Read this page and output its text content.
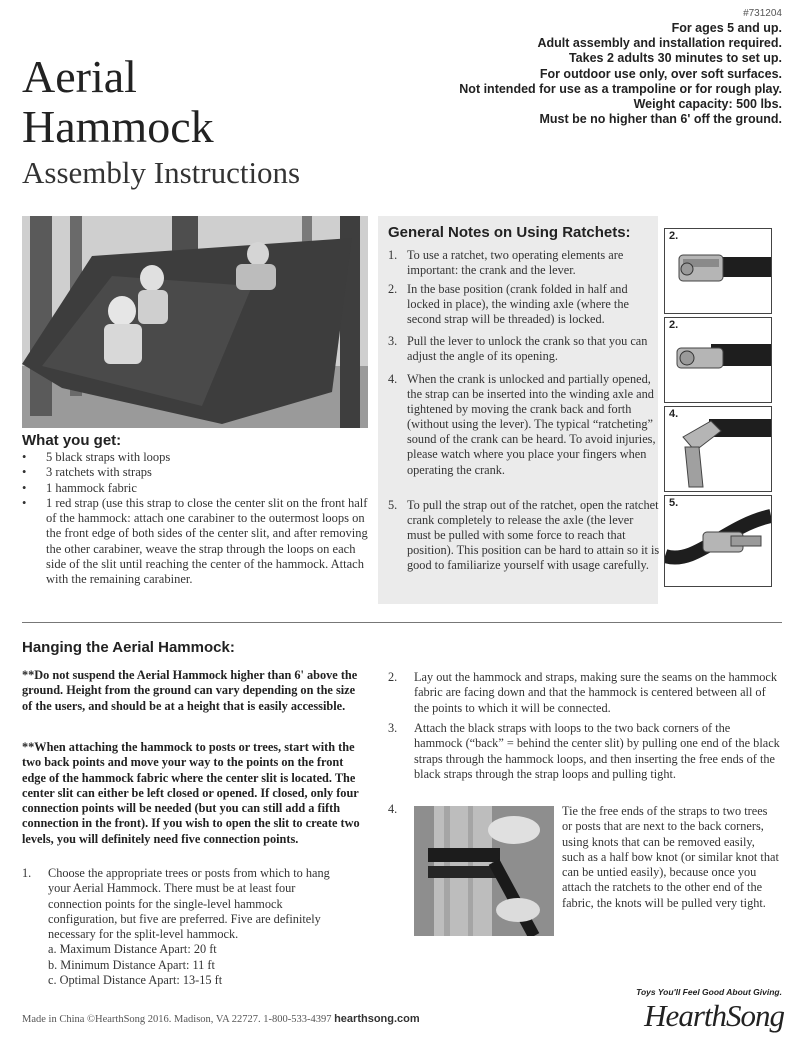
#731204
For ages 5 and up.
Adult assembly and installation required.
Takes 2 adults 30 minutes to set up.
For outdoor use only, over soft surfaces.
Not intended for use as a trampoline or for rough play.
Weight capacity: 500 lbs.
Must be no higher than 6' off the ground.
Aerial
Hammock
Assembly Instructions
What you get:
• 5 black straps with loops
• 3 ratchets with straps
• 1 hammock fabric
• 1 red strap (use this strap to close the center slit on the front half of the hammock: attach one carabiner to the outermost loops on the front edge of both sides of the center slit, and after removing the other carabiner, weave the strap through the loops on each side of the slit until reaching the center of the hammock. Attach with the remaining carabiner.
General Notes on Using Ratchets:
1. To use a ratchet, two operating elements are important: the crank and the lever.
2. In the base position (crank folded in half and locked in place), the winding axle (where the second strap will be threaded) is locked.
3. Pull the lever to unlock the crank so that you can adjust the angle of its opening.
4. When the crank is unlocked and partially opened, the strap can be inserted into the winding axle and tightened by moving the crank back and forth (without using the lever). The typical “ratcheting” sound of the crank can be heard. To avoid injuries, please watch where you place your fingers when operating the crank.
5. To pull the strap out of the ratchet, open the ratchet crank completely to release the axle (the lever must be pulled with some force to reach that position). This position can be hard to attain so it is good to familiarize yourself with usage carefully.
2.
2.
4.
5.
Hanging the Aerial Hammock:
**Do not suspend the Aerial Hammock higher than 6' above the ground. Height from the ground can vary depending on the size of the users, and should be at a height that is easily accessible.
**When attaching the hammock to posts or trees, start with the two back points and move your way to the points on the front edge of the hammock fabric where the center slit is located. The center slit can either be left closed or opened. If closed, only four connection points will be needed (but you can still add a fifth connection in the front). If you wish to open the slit to create two levels, you will definitely need five connection points.
1. Choose the appropriate trees or posts from which to hang your Aerial Hammock. There must be at least four connection points for the single-level hammock configuration, but five are preferred. Five are definitely necessary for the split-level hammock.
a. Maximum Distance Apart: 20 ft
b. Minimum Distance Apart: 11 ft
c. Optimal Distance Apart: 13-15 ft
2. Lay out the hammock and straps, making sure the seams on the hammock fabric are facing down and that the hammock is centered between all of the points to which it will be connected.
3. Attach the black straps with loops to the two back corners of the hammock (“back” = behind the center slit) by pulling one end of the black straps through the hammock loops, and then inserting the free ends of the black straps through the strap loops and pulling tight.
4.	Tie the free ends of the straps to two trees or posts that are next to the back corners, using knots that can be removed easily, such as a half bow knot (or similar knot that can be untied easily), because once you attach the ratchets to the other end of the fabric, the knots will be pulled very tight.
Made in China ©HearthSong 2016. Madison, VA 22727. 1-800-533-4397 hearthsong.com
Toys You'll Feel Good About Giving.
HearthSong
